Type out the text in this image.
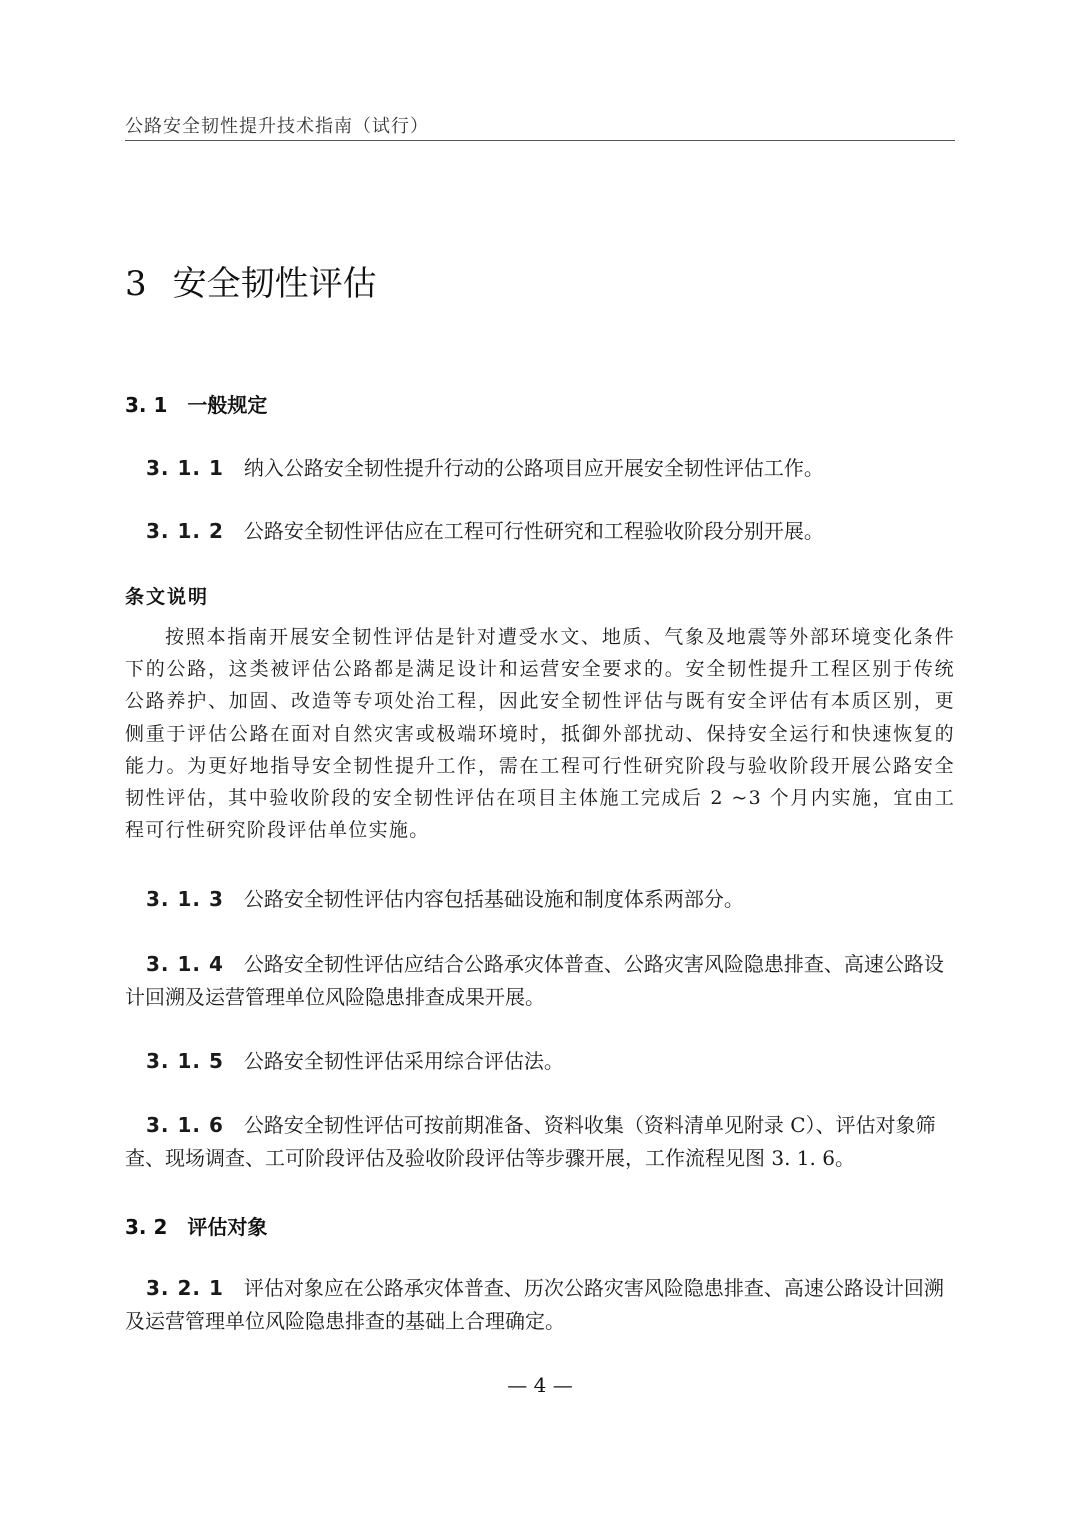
公路安全韧性提升技术指南（试行）
3 安全韧性评估
3. 1 一般规定
3. 1. 1 纳入公路安全韧性提升行动的公路项目应开展安全韧性评估工作。
3. 1. 2 公路安全韧性评估应在工程可行性研究和工程验收阶段分别开展。
条文说明
按照本指南开展安全韧性评估是针对遭受水文、地质、气象及地震等外部环境变化条件下的公路，这类被评估公路都是满足设计和运营安全要求的。安全韧性提升工程区别于传统公路养护、加固、改造等专项处治工程，因此安全韧性评估与既有安全评估有本质区别，更侧重于评估公路在面对自然灾害或极端环境时，抵御外部扰动、保持安全运行和快速恢复的能力。为更好地指导安全韧性提升工作，需在工程可行性研究阶段与验收阶段开展公路安全韧性评估，其中验收阶段的安全韧性评估在项目主体施工完成后 2 ~3 个月内实施，宜由工程可行性研究阶段评估单位实施。
3. 1. 3 公路安全韧性评估内容包括基础设施和制度体系两部分。
3. 1. 4 公路安全韧性评估应结合公路承灾体普查、公路灾害风险隐患排查、高速公路设计回溯及运营管理单位风险隐患排查成果开展。
3. 1. 5 公路安全韧性评估采用综合评估法。
3. 1. 6 公路安全韧性评估可按前期准备、资料收集（资料清单见附录 C）、评估对象筛查、现场调查、工可阶段评估及验收阶段评估等步骤开展，工作流程见图 3. 1. 6。
3. 2 评估对象
3. 2. 1 评估对象应在公路承灾体普查、历次公路灾害风险隐患排查、高速公路设计回溯及运营管理单位风险隐患排查的基础上合理确定。
— 4 —
